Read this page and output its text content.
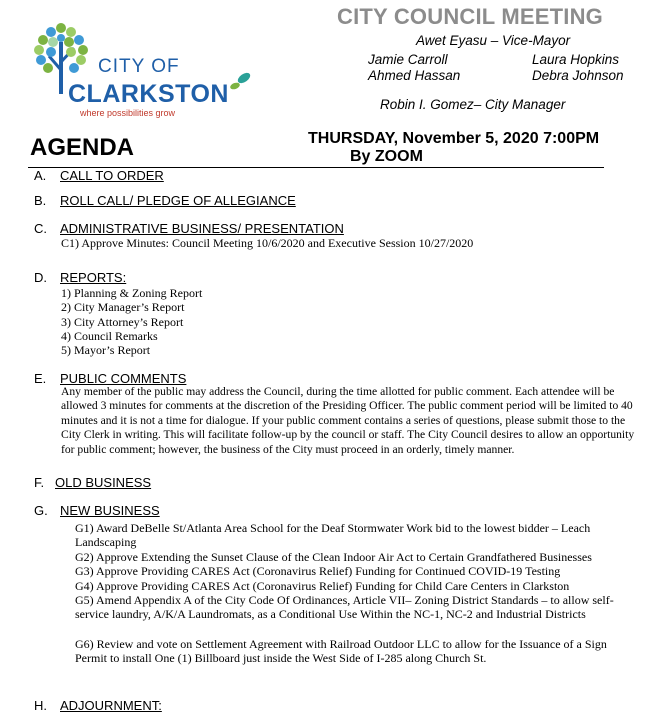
CITY OF
CLARKSTON
where possibilities grow
CITY COUNCIL MEETING
Awet Eyasu – Vice-Mayor
Jamie Carroll	Laura Hopkins
Ahmed Hassan	Debra Johnson
Robin I. Gomez– City Manager
AGENDA	THURSDAY, November 5, 2020 7:00PM
By ZOOM
A. CALL TO ORDER
B. ROLL CALL/ PLEDGE OF ALLEGIANCE
C. ADMINISTRATIVE BUSINESS/ PRESENTATION
C1) Approve Minutes: Council Meeting 10/6/2020 and Executive Session 10/27/2020
D. REPORTS:
1) Planning & Zoning Report
2) City Manager’s Report
3) City Attorney’s Report
4) Council Remarks
5) Mayor’s Report
E. PUBLIC COMMENTS
Any member of the public may address the Council, during the time allotted for public comment. Each attendee will be allowed 3 minutes for comments at the discretion of the Presiding Officer. The public comment period will be limited to 40 minutes and it is not a time for dialogue. If your public comment contains a series of questions, please submit those to the City Clerk in writing. This will facilitate follow-up by the council or staff. The City Council desires to allow an opportunity for public comment; however, the business of the City must proceed in an orderly, timely manner.
F. OLD BUSINESS
G. NEW BUSINESS
G1) Award DeBelle St/Atlanta Area School for the Deaf Stormwater Work bid to the lowest bidder – Leach Landscaping
G2) Approve Extending the Sunset Clause of the Clean Indoor Air Act to Certain Grandfathered Businesses
G3) Approve Providing CARES Act (Coronavirus Relief) Funding for Continued COVID-19 Testing
G4) Approve Providing CARES Act (Coronavirus Relief) Funding for Child Care Centers in Clarkston
G5) Amend Appendix A of the City Code Of Ordinances, Article VII– Zoning District Standards – to allow self-service laundry, A/K/A Laundromats, as a Conditional Use Within the NC-1, NC-2 and Industrial Districts
G6) Review and vote on Settlement Agreement with Railroad Outdoor LLC to allow for the Issuance of a Sign Permit to install One (1) Billboard just inside the West Side of I-285 along Church St.
H. ADJOURNMENT:
